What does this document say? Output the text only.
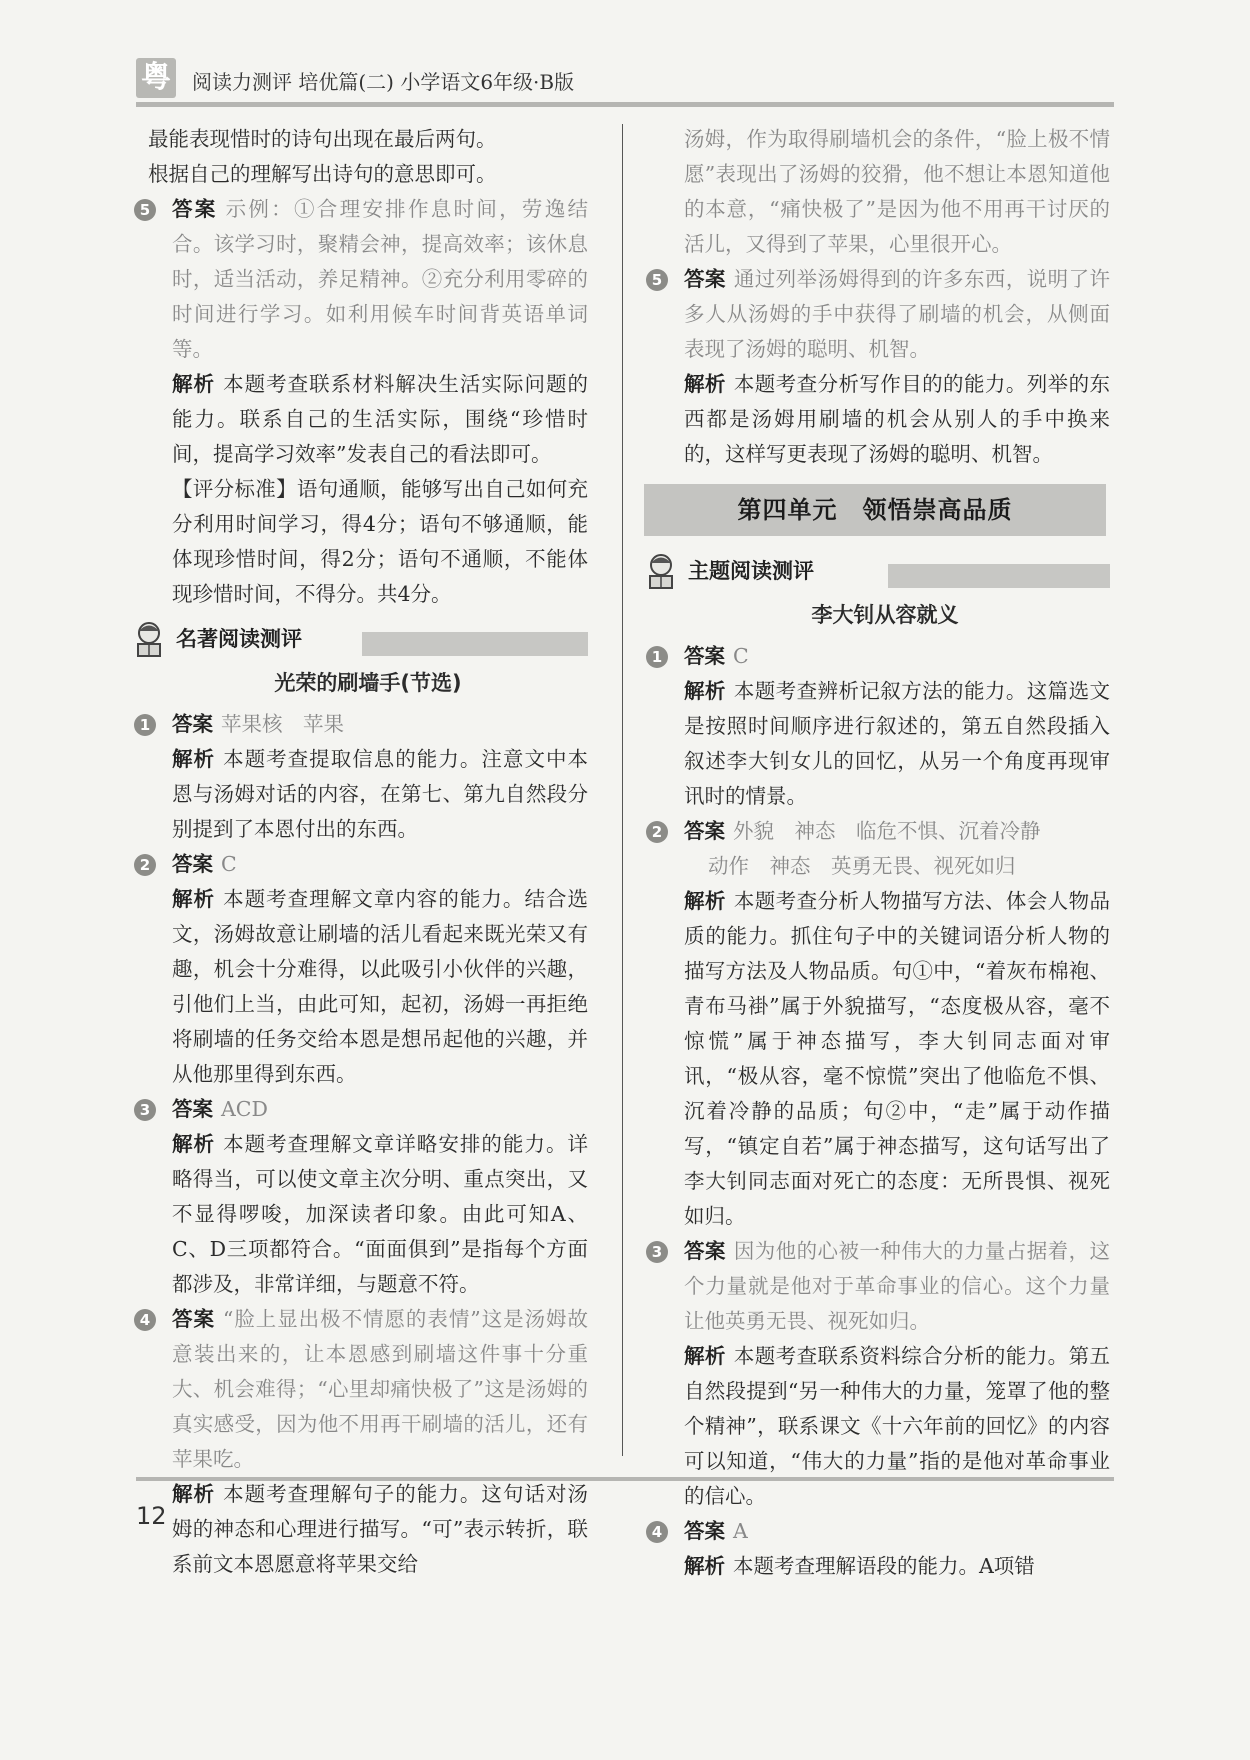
粤 阅读力测评 培优篇(二) 小学语文6年级·B版

最能表现惜时的诗句出现在最后两句。

根据自己的理解写出诗句的意思即可。

5 答案 示例：①合理安排作息时间，劳逸结合。该学习时，聚精会神，提高效率；该休息时，适当活动，养足精神。②充分利用零碎的时间进行学习。如利用候车时间背英语单词等。
解析 本题考查联系材料解决生活实际问题的能力。联系自己的生活实际，围绕“珍惜时间，提高学习效率”发表自己的看法即可。
【评分标准】语句通顺，能够写出自己如何充分利用时间学习，得4分；语句不够通顺，能体现珍惜时间，得2分；语句不通顺，不能体现珍惜时间，不得分。共4分。
名著阅读测评
光荣的刷墙手(节选)
1 答案 苹果核　苹果
解析 本题考查提取信息的能力。注意文中本恩与汤姆对话的内容，在第七、第九自然段分别提到了本恩付出的东西。
2 答案 C
解析 本题考查理解文章内容的能力。结合选文，汤姆故意让刷墙的活儿看起来既光荣又有趣，机会十分难得，以此吸引小伙伴的兴趣，引他们上当，由此可知，起初，汤姆一再拒绝将刷墙的任务交给本恩是想吊起他的兴趣，并从他那里得到东西。
3 答案 ACD
解析 本题考查理解文章详略安排的能力。详略得当，可以使文章主次分明、重点突出，又不显得啰唆，加深读者印象。由此可知A、C、D三项都符合。“面面俱到”是指每个方面都涉及，非常详细，与题意不符。
4 答案 “脸上显出极不情愿的表情”这是汤姆故意装出来的，让本恩感到刷墙这件事十分重大、机会难得；“心里却痛快极了”这是汤姆的真实感受，因为他不用再干刷墙的活儿，还有苹果吃。
解析 本题考查理解句子的能力。这句话对汤姆的神态和心理进行描写。“可”表示转折，联系前文本恩愿意将苹果交给
汤姆，作为取得刷墙机会的条件，“脸上极不情愿”表现出了汤姆的狡猾，他不想让本恩知道他的本意，“痛快极了”是因为他不用再干讨厌的活儿，又得到了苹果，心里很开心。
5 答案 通过列举汤姆得到的许多东西，说明了许多人从汤姆的手中获得了刷墙的机会，从侧面表现了汤姆的聪明、机智。
解析 本题考查分析写作目的的能力。列举的东西都是汤姆用刷墙的机会从别人的手中换来的，这样写更表现了汤姆的聪明、机智。
第四单元　领悟崇高品质
主题阅读测评
李大钊从容就义
1 答案 C
解析 本题考查辨析记叙方法的能力。这篇选文是按照时间顺序进行叙述的，第五自然段插入叙述李大钊女儿的回忆，从另一个角度再现审讯时的情景。
2 答案 外貌　神态　临危不惧、沉着冷静
动作　神态　英勇无畏、视死如归
解析 本题考查分析人物描写方法、体会人物品质的能力。抓住句子中的关键词语分析人物的描写方法及人物品质。句①中，“着灰布棉袍、青布马褂”属于外貌描写，“态度极从容，毫不惊慌”属于神态描写，李大钊同志面对审讯，“极从容，毫不惊慌”突出了他临危不惧、沉着冷静的品质；句②中，“走”属于动作描写，“镇定自若”属于神态描写，这句话写出了李大钊同志面对死亡的态度：无所畏惧、视死如归。
3 答案 因为他的心被一种伟大的力量占据着，这个力量就是他对于革命事业的信心。这个力量让他英勇无畏、视死如归。
解析 本题考查联系资料综合分析的能力。第五自然段提到“另一种伟大的力量，笼罩了他的整个精神”，联系课文《十六年前的回忆》的内容可以知道，“伟大的力量”指的是他对革命事业的信心。
4 答案 A
解析 本题考查理解语段的能力。A项错
12
